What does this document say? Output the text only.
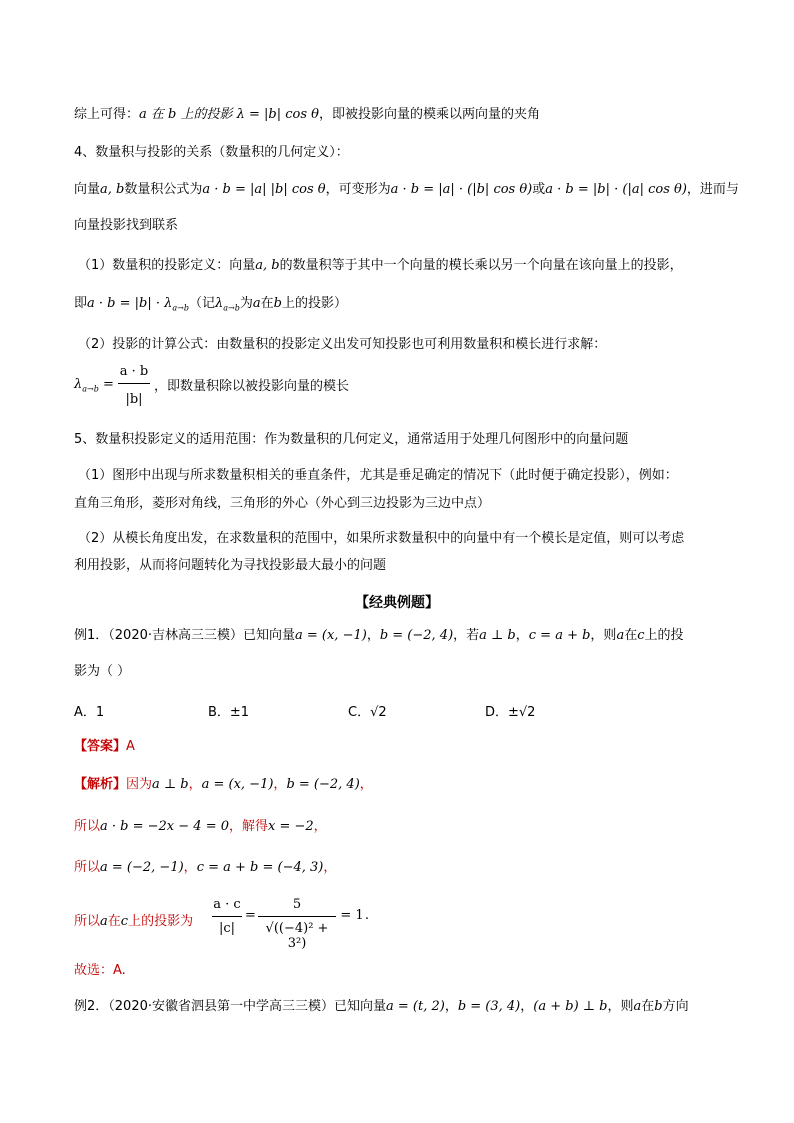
综上可得：a 在 b 上的投影 λ = |b| cos θ，即被投影向量的模乘以两向量的夹角
4、数量积与投影的关系（数量积的几何定义）：
向量a, b数量积公式为a · b = |a| |b| cos θ，可变形为a · b = |a| · (|b| cos θ)或a · b = |b| · (|a| cos θ)，进而与
向量投影找到联系
（1）数量积的投影定义：向量a, b的数量积等于其中一个向量的模长乘以另一个向量在该向量上的投影，
即$a \cdot b = |b| \cdot \lambda_{a\to b}$（记$\lambda_{a\to b}$为a在b上的投影）
（2）投影的计算公式：由数量积的投影定义出发可知投影也可利用数量积和模长进行求解：
$\lambda_{a\to b}$ =
a · b
|b|
，即数量积除以被投影向量的模长
5、数量积投影定义的适用范围：作为数量积的几何定义，通常适用于处理几何图形中的向量问题
（1）图形中出现与所求数量积相关的垂直条件，尤其是垂足确定的情况下（此时便于确定投影），例如：
直角三角形，菱形对角线，三角形的外心（外心到三边投影为三边中点）
（2）从模长角度出发，在求数量积的范围中，如果所求数量积中的向量中有一个模长是定值，则可以考虑
利用投影，从而将问题转化为寻找投影最大最小的问题
【经典例题】
例1．（2020·吉林高三三模）已知向量a = (x, −1)，b = (−2, 4)，若a ⊥ b，c = a + b，则a在c上的投
影为（ ）
A．1	B．±1	C．√2	D．±√2
【答案】A
【解析】因为a ⊥ b，a = (x, −1)，b = (−2, 4)，
所以a · b = −2x − 4 = 0，解得x = −2，
所以a = (−2, −1)，c = a + b = (−4, 3)，
所以a在c上的投影为
a · c
|c|
=
5
√((−4)² + 3²)
= 1 .
故选：A.
例2．（2020·安徽省泗县第一中学高三三模）已知向量a = (t, 2)，b = (3, 4)，(a + b) ⊥ b，则a在b方向
